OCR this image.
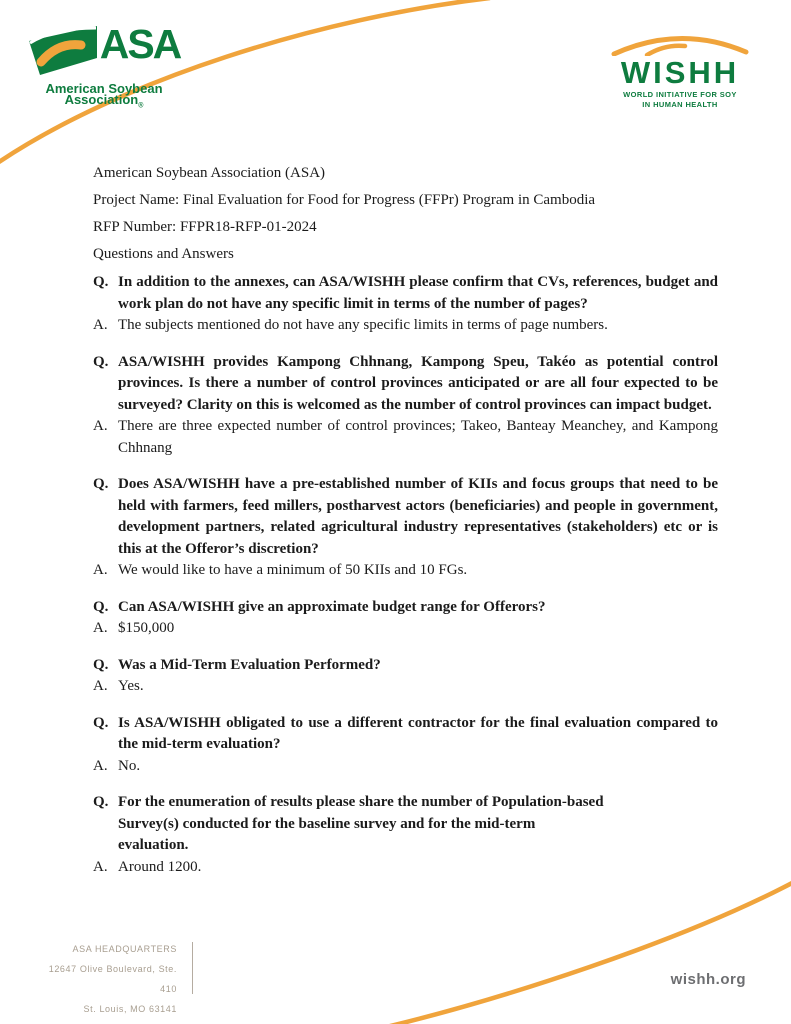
ASA
American Soybean
Association$_®$
WISHH
WORLD INITIATIVE FOR SOY
IN HUMAN HEALTH

American Soybean Association (ASA)

Project Name: Final Evaluation for Food for Progress (FFPr) Program in Cambodia

RFP Number: FFPR18-RFP-01-2024

Questions and Answers

Q. In addition to the annexes, can ASA/WISHH please confirm that CVs, references, budget and work plan do not have any specific limit in terms of the number of pages?

A. The subjects mentioned do not have any specific limits in terms of page numbers.

Q. ASA/WISHH provides Kampong Chhnang, Kampong Speu, Takéo as potential control provinces. Is there a number of control provinces anticipated or are all four expected to be surveyed? Clarity on this is welcomed as the number of control provinces can impact budget.

A. There are three expected number of control provinces; Takeo, Banteay Meanchey, and Kampong Chhnang

Q. Does ASA/WISHH have a pre-established number of KIIs and focus groups that need to be held with farmers, feed millers, postharvest actors (beneficiaries) and people in government, development partners, related agricultural industry representatives (stakeholders) etc or is this at the Offeror’s discretion?

A. We would like to have a minimum of 50 KIIs and 10 FGs.

Q. Can ASA/WISHH give an approximate budget range for Offerors?

A. $150,000

Q. Was a Mid-Term Evaluation Performed?

A. Yes.

Q. Is ASA/WISHH obligated to use a different contractor for the final evaluation compared to the mid-term evaluation?

A. No.

Q. For the enumeration of results please share the number of Population-based
Survey(s) conducted for the baseline survey and for the mid-term
evaluation.

A. Around 1200.

ASA HEADQUARTERS
12647 Olive Boulevard, Ste. 410
St. Louis, MO 63141
wishh.org
